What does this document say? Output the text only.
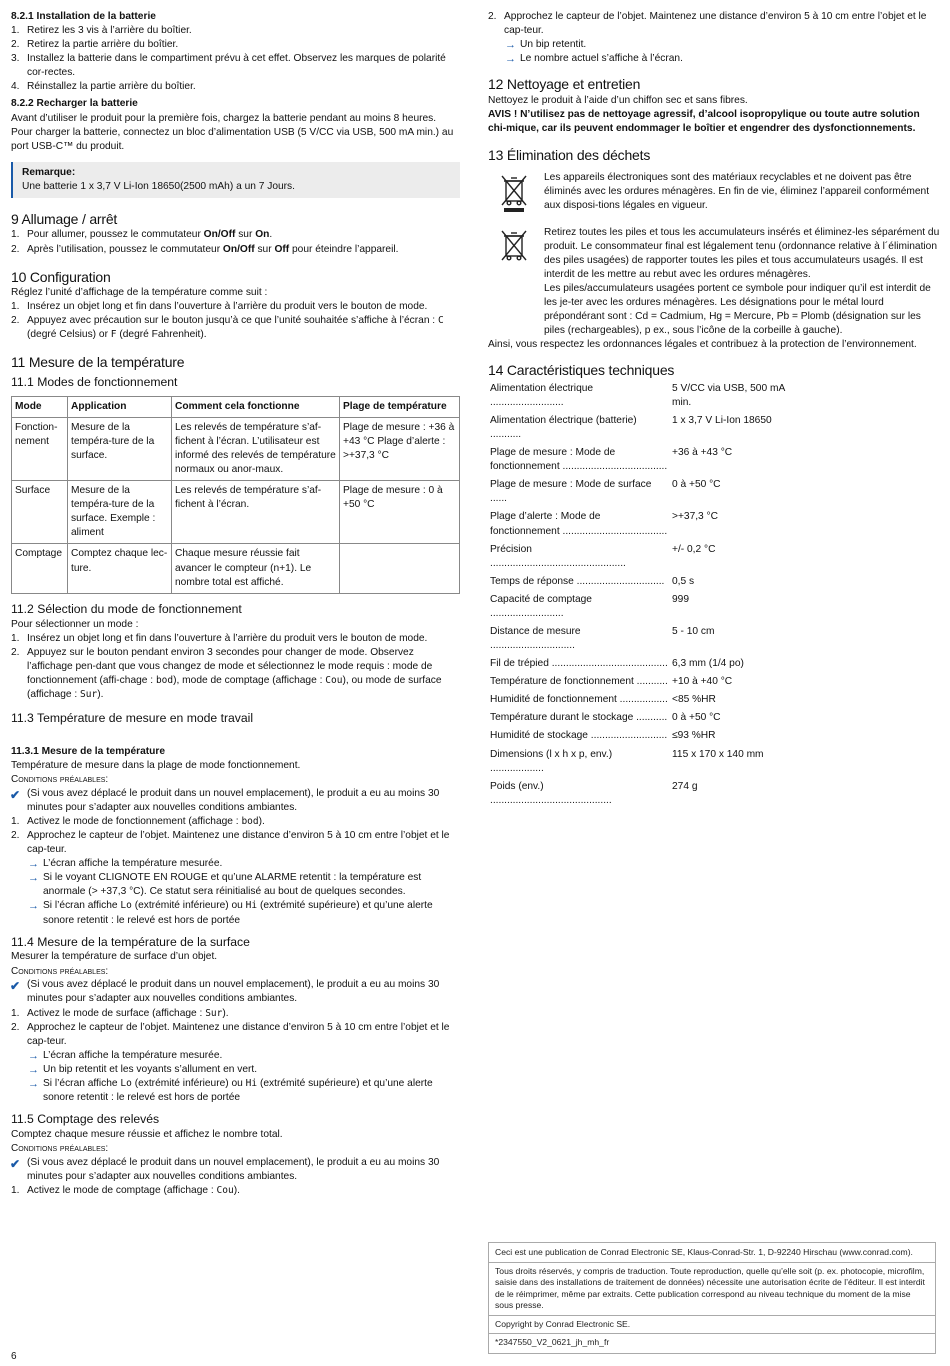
8.2.1 Installation de la batterie

1. Retirez les 3 vis à l’arrière du boîtier.
2. Retirez la partie arrière du boîtier.
3. Installez la batterie dans le compartiment prévu à cet effet. Observez les marques de polarité cor-rectes.
4. Réinstallez la partie arrière du boîtier.

8.2.2 Recharger la batterie

Avant d’utiliser le produit pour la première fois, chargez la batterie pendant au moins 8 heures.

Pour charger la batterie, connectez un bloc d’alimentation USB (5 V/CC via USB, 500 mA min.) au port USB-C™ du produit.

Remarque:

Une batterie 1 x 3,7 V Li-Ion 18650(2500 mAh) a un 7 Jours.

9 Allumage / arrêt

1. Pour allumer, poussez le commutateur On/Off sur On.
2. Après l’utilisation, poussez le commutateur On/Off sur Off pour éteindre l’appareil.

10 Configuration

Réglez l’unité d’affichage de la température comme suit :

1. Insérez un objet long et fin dans l’ouverture à l’arrière du produit vers le bouton de mode.
2. Appuyez avec précaution sur le bouton jusqu’à ce que l’unité souhaitée s’affiche à l’écran : C (degré Celsius) or F (degré Fahrenheit).

11 Mesure de la température

11.1 Modes de fonctionnement

Mode	Application	Comment cela fonctionne	Plage de température
Fonction-nement	Mesure de la tempéra-ture de la surface.	Les relevés de température s’af-fichent à l’écran. L’utilisateur est informé des relevés de température normaux ou anor-maux.	Plage de mesure : +36 à +43 °C Plage d’alerte : >+37,3 °C
Surface	Mesure de la tempéra-ture de la surface. Exemple : aliment	Les relevés de température s’af-fichent à l’écran.	Plage de mesure : 0 à +50 °C
Comptage	Comptez chaque lec-ture.	Chaque mesure réussie fait avancer le compteur (n+1). Le nombre total est affiché.	

11.2 Sélection du mode de fonctionnement

Pour sélectionner un mode :

1. Insérez un objet long et fin dans l’ouverture à l’arrière du produit vers le bouton de mode.
2. Appuyez sur le bouton pendant environ 3 secondes pour changer de mode. Observez l’affichage pen-dant que vous changez de mode et sélectionnez le mode requis : mode de fonctionnement (affi-chage : bod), mode de comptage (affichage : Cou), ou mode de surface (affichage : Sur).

11.3 Température de mesure en mode travail

11.3.1 Mesure de la température

Température de mesure dans la plage de mode fonctionnement.

Conditions préalables:

✔ (Si vous avez déplacé le produit dans un nouvel emplacement), le produit a eu au moins 30 minutes pour s’adapter aux nouvelles conditions ambiantes.

1. Activez le mode de fonctionnement (affichage : bod).
2. Approchez le capteur de l’objet. Maintenez une distance d’environ 5 à 10 cm entre l’objet et le cap-teur.

→ L’écran affiche la température mesurée.

→ Si le voyant CLIGNOTE EN ROUGE et qu’une ALARME retentit : la température est anormale (> +37,3 °C). Ce statut sera réinitialisé au bout de quelques secondes.

→ Si l’écran affiche Lo (extrémité inférieure) ou Hi (extrémité supérieure) et qu’une alerte sonore retentit : le relevé est hors de portée

11.4 Mesure de la température de la surface

Mesurer la température de surface d’un objet.

Conditions préalables:

✔ (Si vous avez déplacé le produit dans un nouvel emplacement), le produit a eu au moins 30 minutes pour s’adapter aux nouvelles conditions ambiantes.

1. Activez le mode de surface (affichage : Sur).
2. Approchez le capteur de l’objet. Maintenez une distance d’environ 5 à 10 cm entre l’objet et le cap-teur.

→ L’écran affiche la température mesurée.

→ Un bip retentit et les voyants s’allument en vert.

→ Si l’écran affiche Lo (extrémité inférieure) ou Hi (extrémité supérieure) et qu’une alerte sonore retentit : le relevé est hors de portée

11.5 Comptage des relevés

Comptez chaque mesure réussie et affichez le nombre total.

Conditions préalables:

✔ (Si vous avez déplacé le produit dans un nouvel emplacement), le produit a eu au moins 30 minutes pour s’adapter aux nouvelles conditions ambiantes.

1. Activez le mode de comptage (affichage : Cou).
2. Approchez le capteur de l’objet. Maintenez une distance d’environ 5 à 10 cm entre l’objet et le cap-teur.

→ Un bip retentit.

→ Le nombre actuel s’affiche à l’écran.

12 Nettoyage et entretien

Nettoyez le produit à l’aide d’un chiffon sec et sans fibres.

AVIS ! N’utilisez pas de nettoyage agressif, d’alcool isopropylique ou toute autre solution chi-mique, car ils peuvent endommager le boîtier et engendrer des dysfonctionnements.

13 Élimination des déchets

Les appareils électroniques sont des matériaux recyclables et ne doivent pas être éliminés avec les ordures ménagères. En fin de vie, éliminez l’appareil conformément aux disposi-tions légales en vigueur.

Retirez toutes les piles et tous les accumulateurs insérés et éliminez-les séparément du produit. Le consommateur final est légalement tenu (ordonnance relative à l´élimination des piles usagées) de rapporter toutes les piles et tous accumulateurs usagés. Il est interdit de les mettre au rebut avec les ordures ménagères.

Les piles/accumulateurs usagées portent ce symbole pour indiquer qu’il est interdit de les je-ter avec les ordures ménagères. Les désignations pour le métal lourd prépondérant sont : Cd = Cadmium, Hg = Mercure, Pb = Plomb (désignation sur les piles (rechargeables), p ex., sous l’icône de la corbeille à gauche).

Ainsi, vous respectez les ordonnances légales et contribuez à la protection de l’environnement.

14 Caractéristiques techniques

Alimentation électrique ..........................	5 V/CC via USB, 500 mA min.
Alimentation électrique (batterie) ...........	1 x 3,7 V Li-Ion 18650
Plage de mesure : Mode de fonctionnement .....................................	+36 à +43 °C
Plage de mesure : Mode de surface ......	0 à +50 °C
Plage d’alerte : Mode de fonctionnement .....................................	>+37,3 °C
Précision ................................................	+/- 0,2 °C
Temps de réponse ...............................	0,5 s
Capacité de comptage ..........................	999
Distance de mesure ..............................	5 - 10 cm
Fil de trépied .........................................	6,3 mm (1/4 po)
Température de fonctionnement ...........	+10 à +40 °C
Humidité de fonctionnement .................	<85 %HR
Température durant le stockage ...........	0 à +50 °C
Humidité de stockage ...........................	≤93 %HR
Dimensions (l x h x p, env.) ...................	115 x 170 x 140 mm
Poids (env.) ...........................................	274 g

Ceci est une publication de Conrad Electronic SE, Klaus-Conrad-Str. 1, D-92240 Hirschau (www.conrad.com).

Tous droits réservés, y compris de traduction. Toute reproduction, quelle qu’elle soit (p. ex. photocopie, microfilm, saisie dans des installations de traitement de données) nécessite une autorisation écrite de l’éditeur. Il est interdit de le réimprimer, même par extraits. Cette publication correspond au niveau technique du moment de la mise sous presse.

Copyright by Conrad Electronic SE.

*2347550_V2_0621_jh_mh_fr

6
